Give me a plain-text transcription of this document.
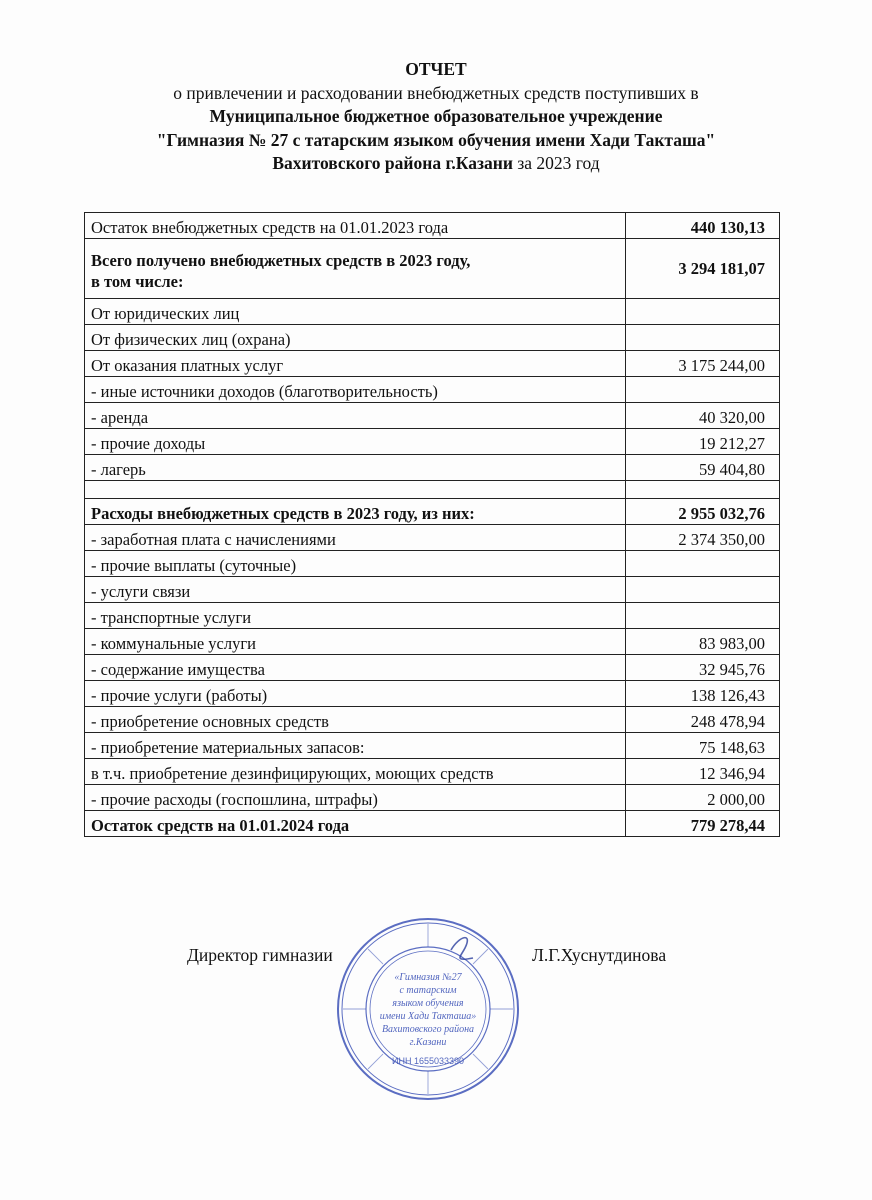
ОТЧЕТ
о привлечении и расходовании внебюджетных средств поступивших в
Муниципальное бюджетное образовательное учреждение
"Гимназия № 27 с татарским языком обучения имени Хади Такташа"
Вахитовского района г.Казани за 2023 год
Остаток внебюджетных средств на 01.01.2023 года	440 130,13

Всего получено внебюджетных средств в 2023 году,
в том числе:	3 294 181,07
От юридических лиц	
От физических лиц (охрана)	
От оказания платных услуг	3 175 244,00
- иные источники доходов (благотворительность)	
- аренда	40 320,00
- прочие доходы	19 212,27
- лагерь	59 404,80

Расходы внебюджетных средств в 2023 году, из них:	2 955 032,76
- заработная плата с начислениями	2 374 350,00
- прочие выплаты (суточные)	
- услуги связи	
- транспортные услуги	
- коммунальные услуги	83 983,00
- содержание имущества	32 945,76
- прочие услуги (работы)	138 126,43
- приобретение основных средств	248 478,94
- приобретение материальных запасов:	75 148,63
в т.ч. приобретение дезинфицирующих, моющих средств	12 346,94
- прочие расходы (госпошлина, штрафы)	2 000,00
Остаток средств на 01.01.2024 года	779 278,44
Директор гимназии	Л.Г.Хуснутдинова
«Гимназия №27
с татарским
языком обучения
имени Хади Такташа»
Вахитовского района
г.Казани
ИНН 1655033390
